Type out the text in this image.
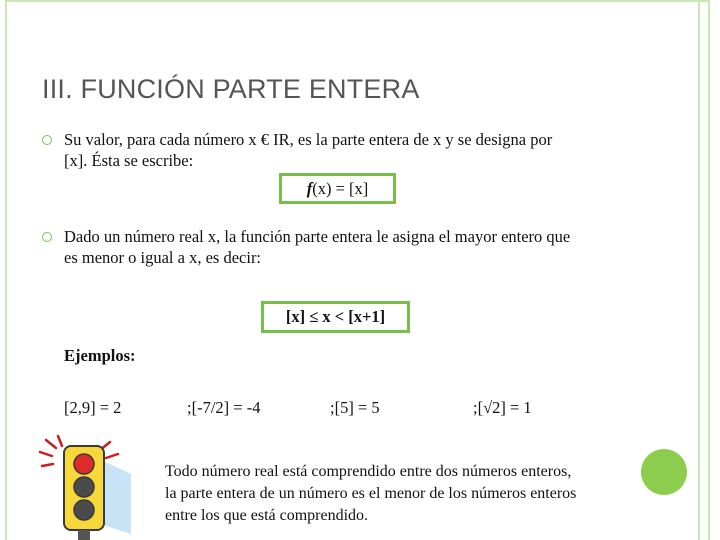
III. FUNCIÓN PARTE ENTERA
Su valor, para cada número x € IR, es la parte entera de x y se designa por
[x]. Ésta se escribe:
f (x) = [x]
Dado un número real x, la función parte entera le asigna el mayor entero que
es menor o igual a x, es decir:
[x] ≤ x < [x+1]
Ejemplos:
[2,9] = 2	;[-7/2] = -4	;[5] = 5	;[√2] = 1
Todo número real está comprendido entre dos números enteros,
la parte entera de un número es el menor de los números enteros
entre los que está comprendido.
